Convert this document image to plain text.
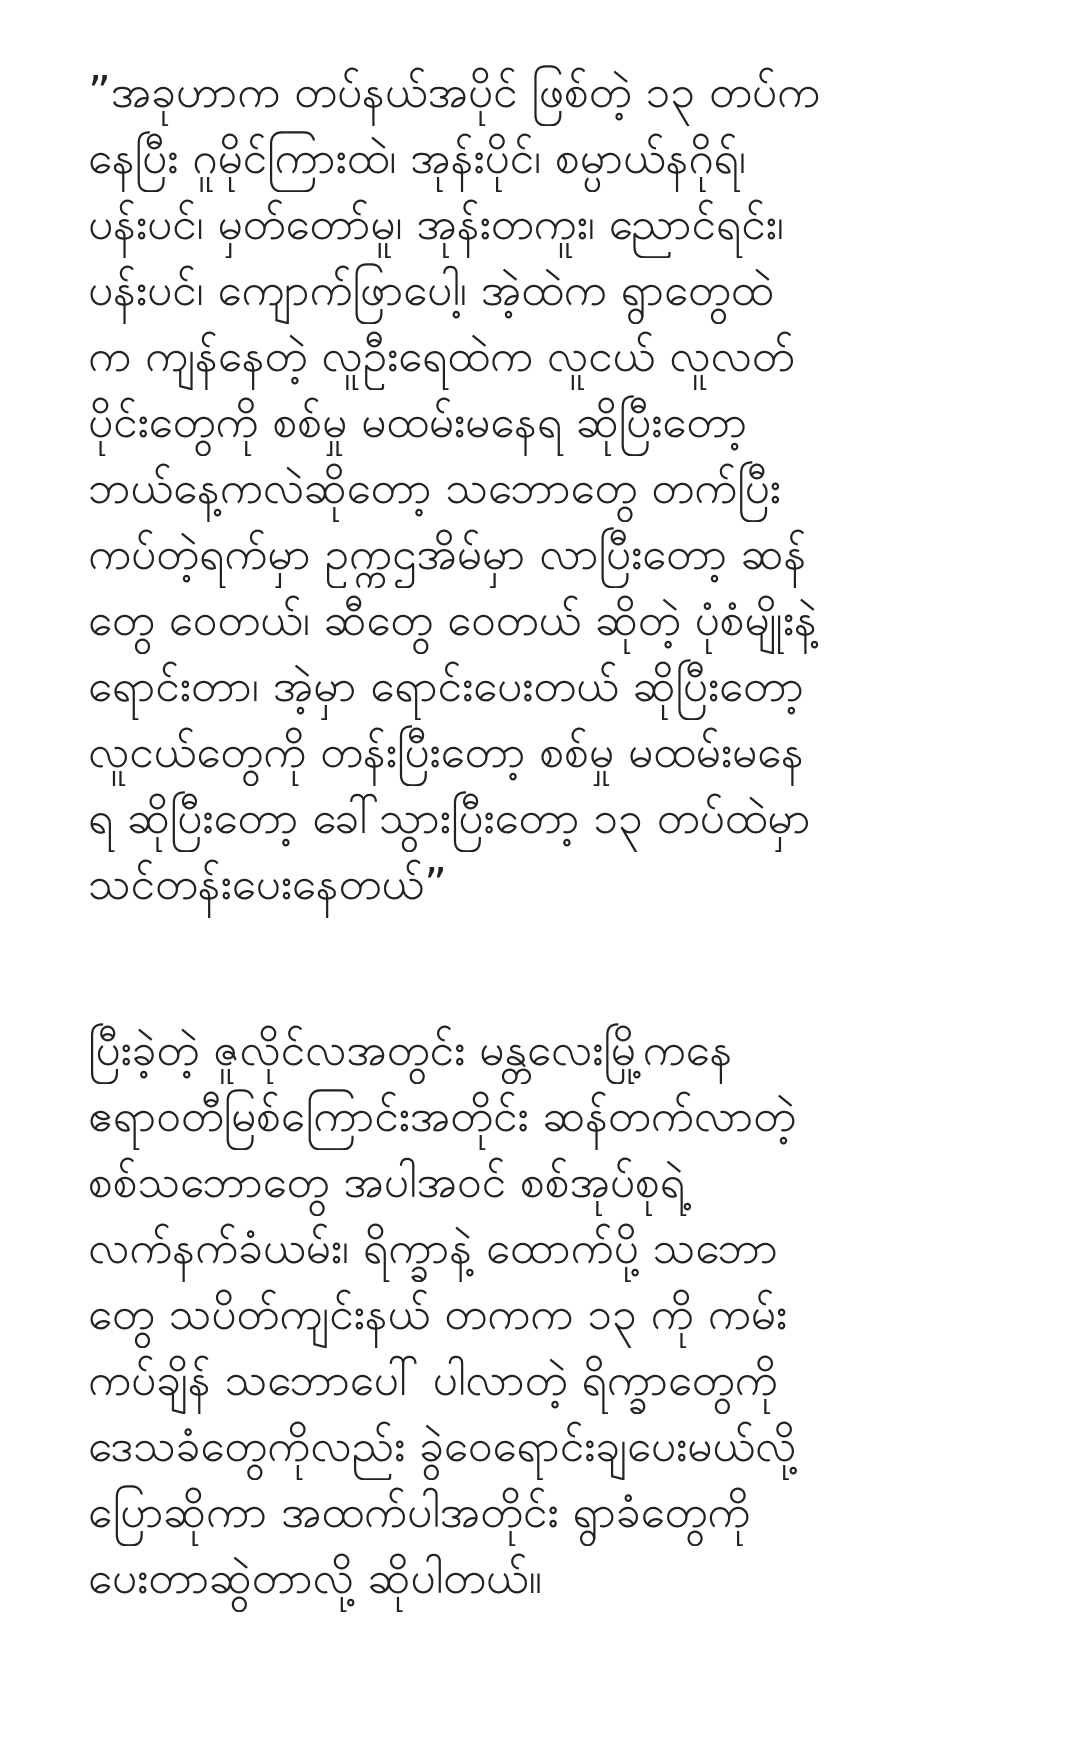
”အခုဟာက တပ်နယ်အပိုင် ဖြစ်တဲ့ ၁၃ တပ်က
နေပြီး ဂူမိုင်ကြားထဲ၊ အုန်းပိုင်၊ စမ္ပာယ်နဂိုရ်၊
ပန်းပင်၊ မှတ်တော်မူ၊ အုန်းတကူး၊ ညောင်ရင်း၊
ပန်းပင်၊ ကျောက်ဖြာပေါ့၊ အဲ့ထဲက ရွာတွေထဲ
က ကျန်နေတဲ့ လူဦးရေထဲက လူငယ် လူလတ်
ပိုင်းတွေကို စစ်မှု မထမ်းမနေရ ဆိုပြီးတော့
ဘယ်နေ့ကလဲဆိုတော့ သဘောတွေ တက်ပြီး
ကပ်တဲ့ရက်မှာ ဥက္ကဌအိမ်မှာ လာပြီးတော့ ဆန်
တွေ ဝေတယ်၊ ဆီတွေ ဝေတယ် ဆိုတဲ့ ပုံစံမျိုးနဲ့
ရောင်းတာ၊ အဲ့မှာ ရောင်းပေးတယ် ဆိုပြီးတော့
လူငယ်တွေကို တန်းပြီးတော့ စစ်မှု မထမ်းမနေ
ရ ဆိုပြီးတော့ ခေါ်သွားပြီးတော့ ၁၃ တပ်ထဲမှာ
သင်တန်းပေးနေတယ်”
ပြီးခဲ့တဲ့ ဇူလိုင်လအတွင်း မန္တလေးမြို့ကနေ
ဧရာဝတီမြစ်ကြောင်းအတိုင်း ဆန်တက်လာတဲ့
စစ်သဘောတွေ အပါအဝင် စစ်အုပ်စုရဲ့
လက်နက်ခံယမ်း၊ ရိက္ခာနဲ့ ထောက်ပို့ သဘော
တွေ သပိတ်ကျင်းနယ် တကက ၁၃ ကို ကမ်း
ကပ်ချိန် သဘောပေါ် ပါလာတဲ့ ရိက္ခာတွေကို
ဒေသခံတွေကိုလည်း ခွဲဝေရောင်းချပေးမယ်လို့
ပြောဆိုကာ အထက်ပါအတိုင်း ရွာခံတွေကို
ပေးတာဆွဲတာလို့ ဆိုပါတယ်။
